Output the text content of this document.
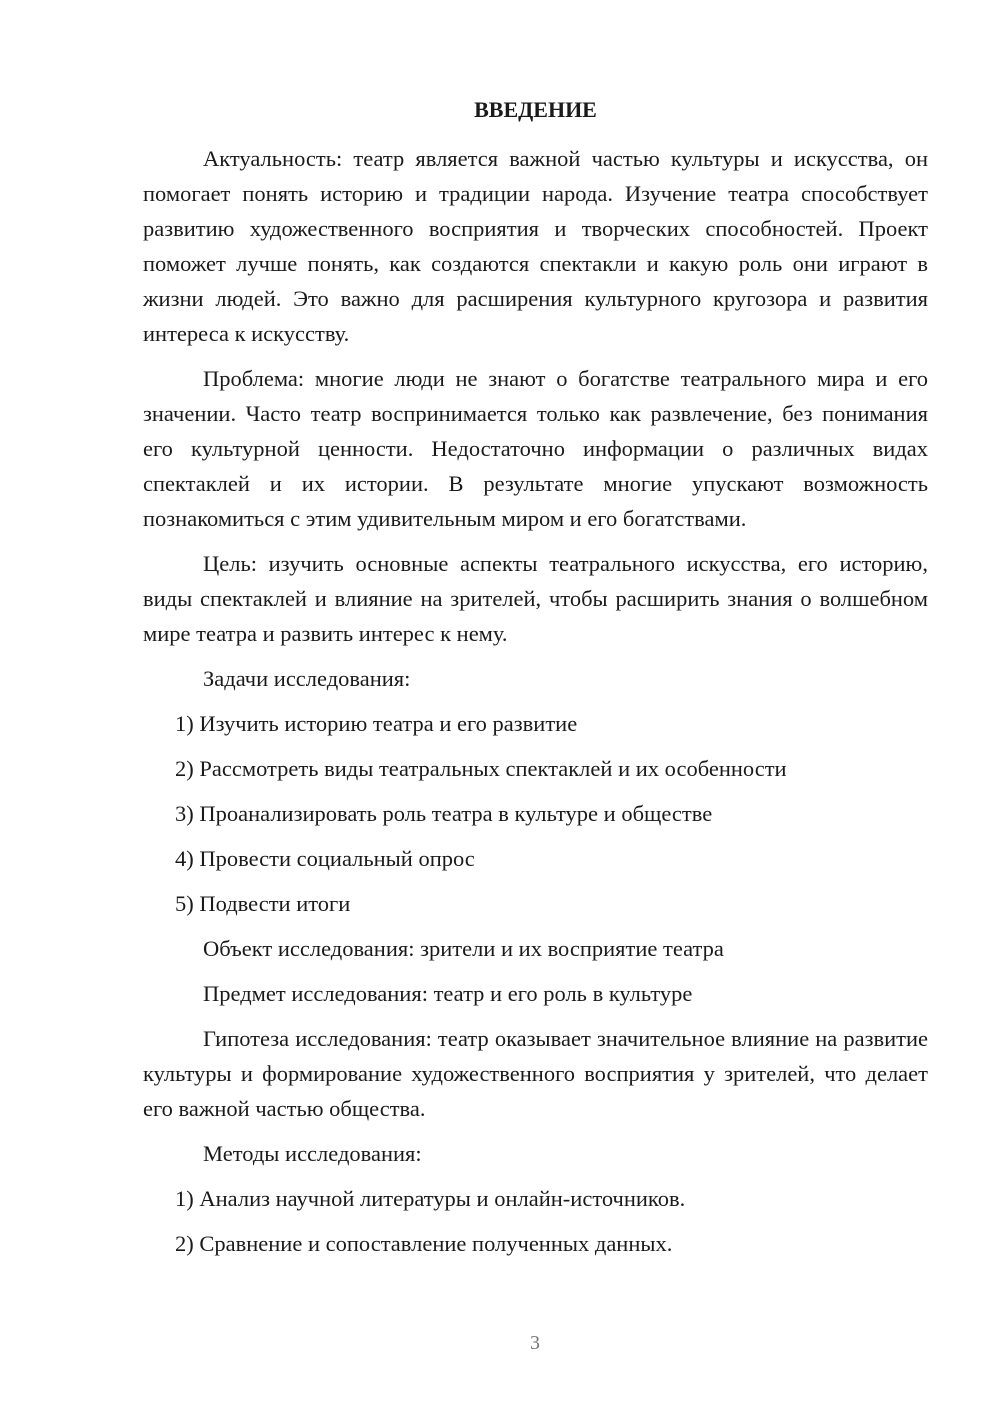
ВВЕДЕНИЕ

Актуальность: театр является важной частью культуры и искусства, он помогает понять историю и традиции народа. Изучение театра способствует развитию художественного восприятия и творческих способностей. Проект поможет лучше понять, как создаются спектакли и какую роль они играют в жизни людей. Это важно для расширения культурного кругозора и развития интереса к искусству.

Проблема: многие люди не знают о богатстве театрального мира и его значении. Часто театр воспринимается только как развлечение, без понимания его культурной ценности. Недостаточно информации о различных видах спектаклей и их истории. В результате многие упускают возможность познакомиться с этим удивительным миром и его богатствами.

Цель: изучить основные аспекты театрального искусства, его историю, виды спектаклей и влияние на зрителей, чтобы расширить знания о волшебном мире театра и развить интерес к нему.

Задачи исследования:
1) Изучить историю театра и его развитие
2) Рассмотреть виды театральных спектаклей и их особенности
3) Проанализировать роль театра в культуре и обществе
4) Провести социальный опрос
5) Подвести итоги
Объект исследования: зрители и их восприятие театра
Предмет исследования: театр и его роль в культуре

Гипотеза исследования: театр оказывает значительное влияние на развитие культуры и формирование художественного восприятия у зрителей, что делает его важной частью общества.

Методы исследования:
1) Анализ научной литературы и онлайн-источников.
2) Сравнение и сопоставление полученных данных.
3
